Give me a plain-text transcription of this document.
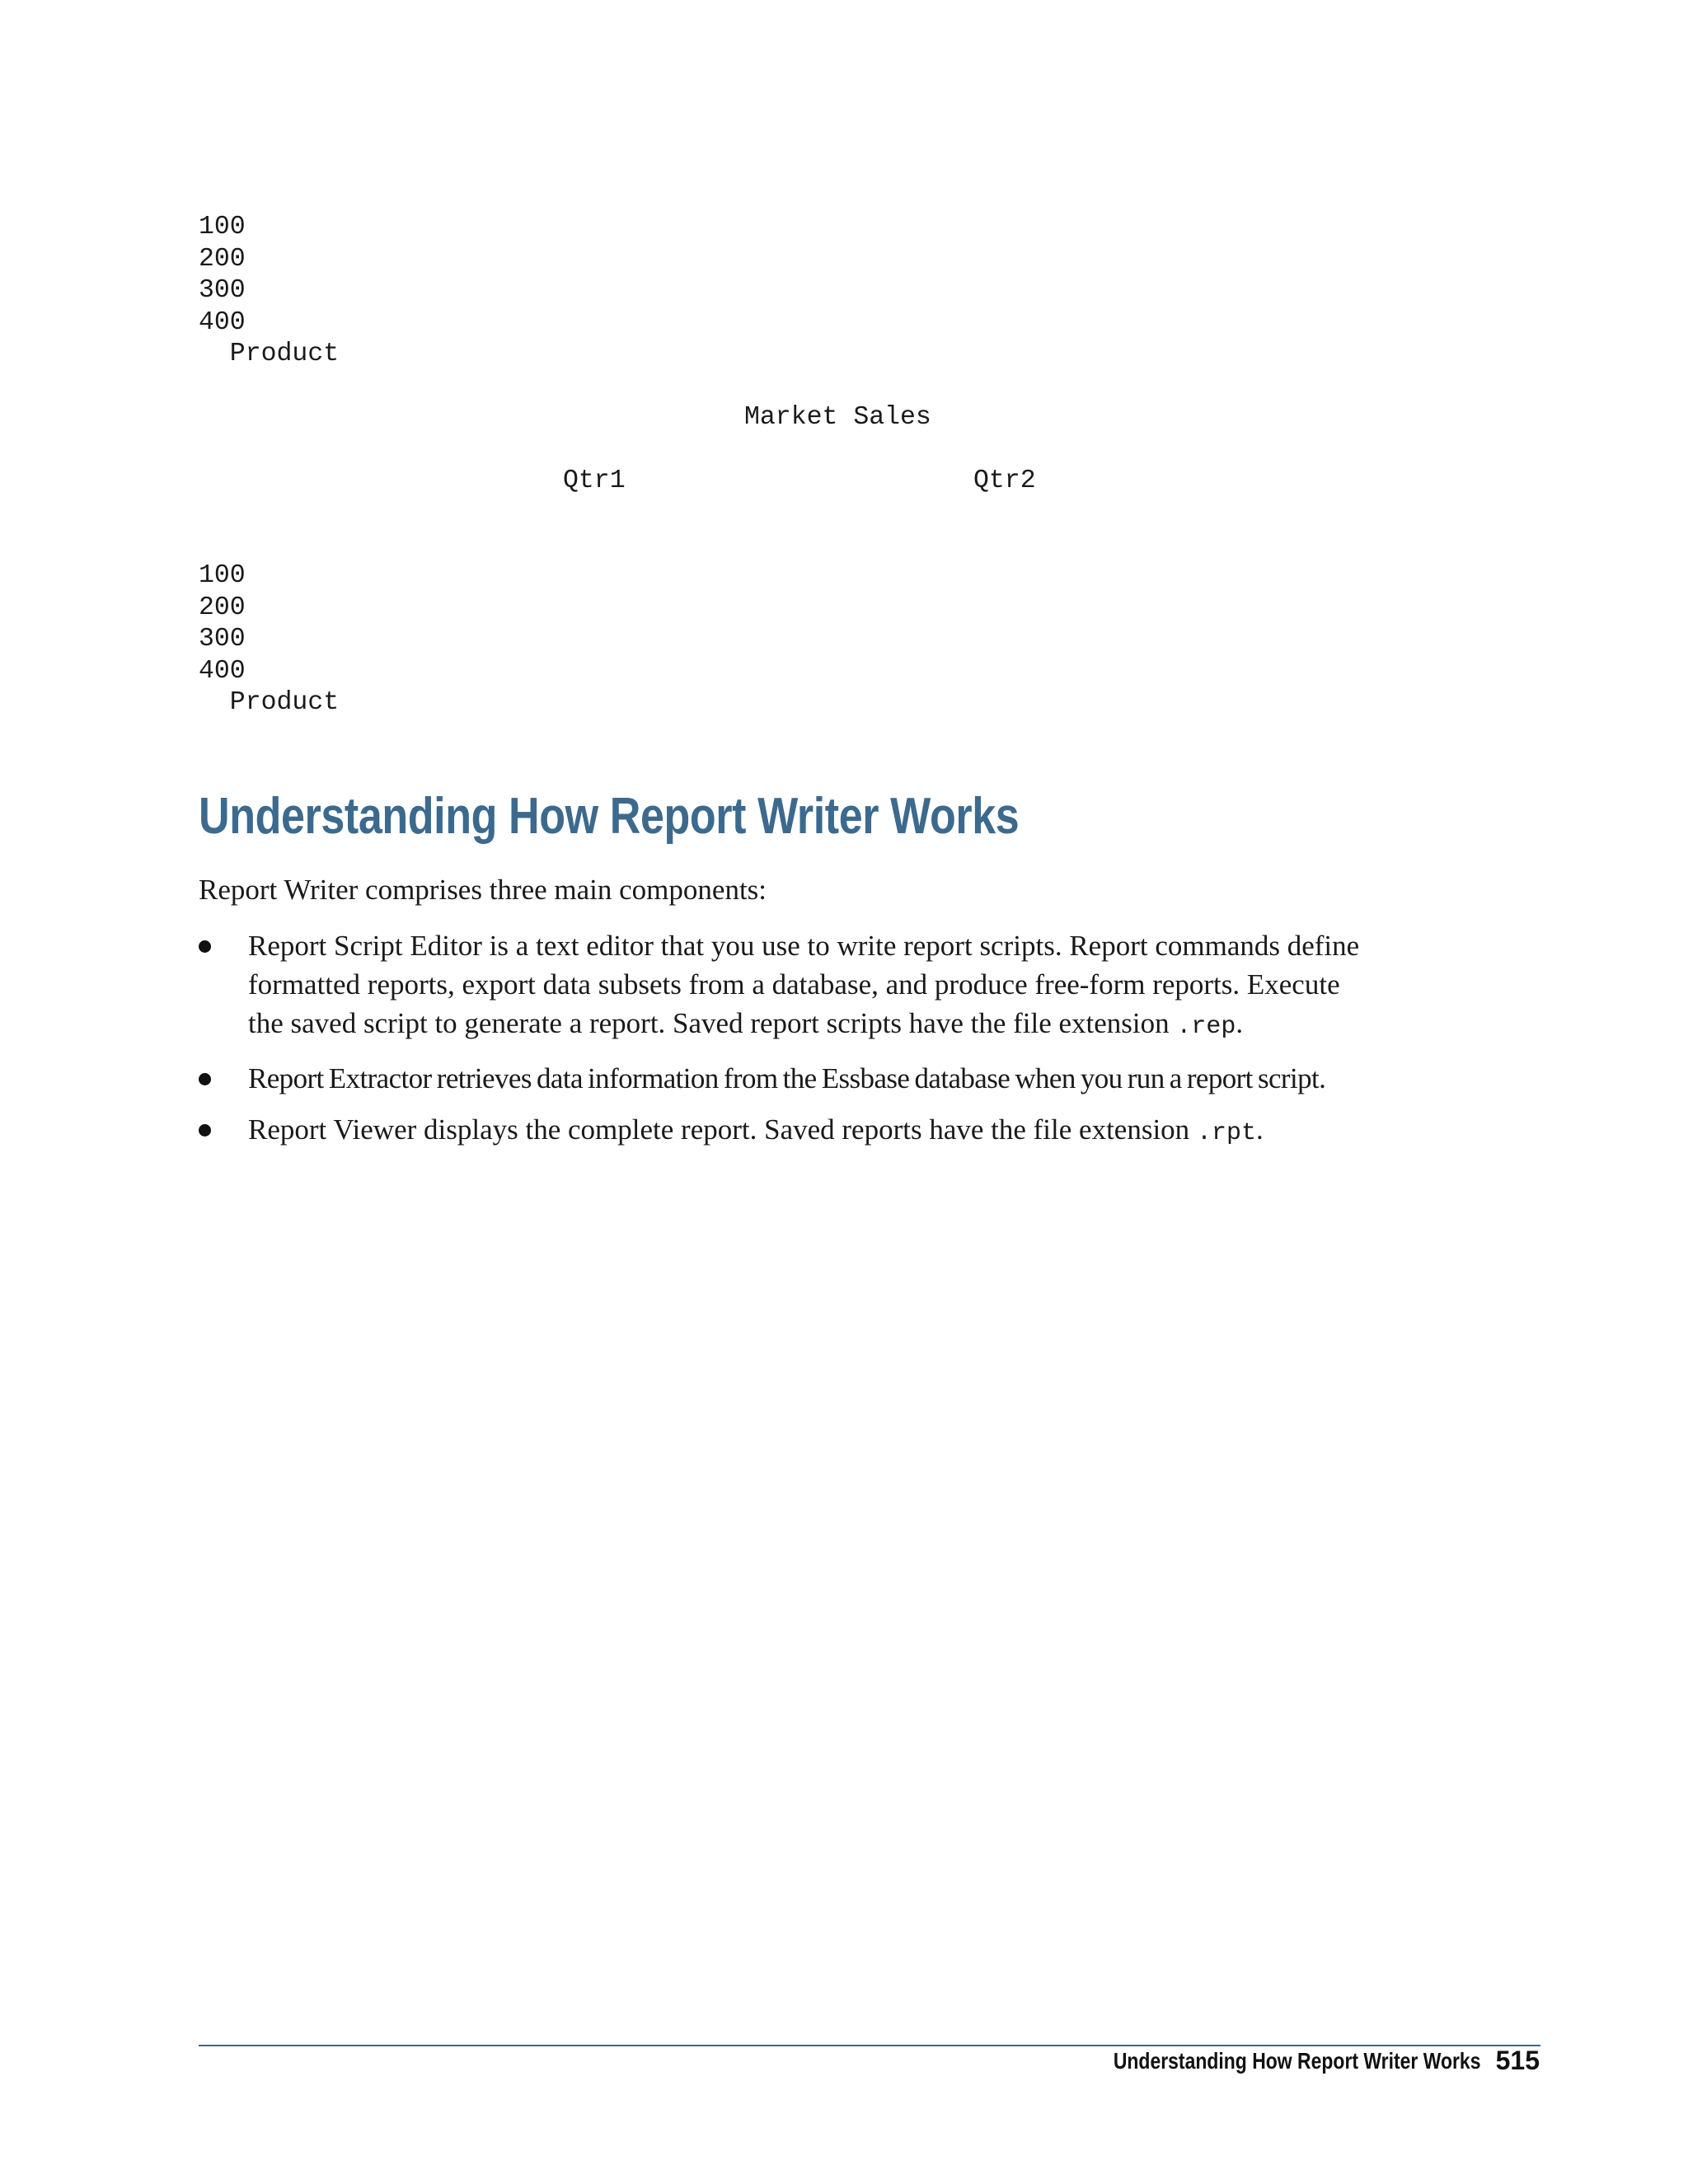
100
200
300
400
Product
Market Sales
Qtr1	Qtr2
100
200
300
400
Product
Understanding How Report Writer Works

Report Writer comprises three main components:

Report Script Editor is a text editor that you use to write report scripts. Report commands define formatted reports, export data subsets from a database, and produce free-form reports. Execute the saved script to generate a report. Saved report scripts have the file extension .rep.
Report Extractor retrieves data information from the Essbase database when you run a report script.
Report Viewer displays the complete report. Saved reports have the file extension .rpt.
Understanding How Report Writer Works 515
